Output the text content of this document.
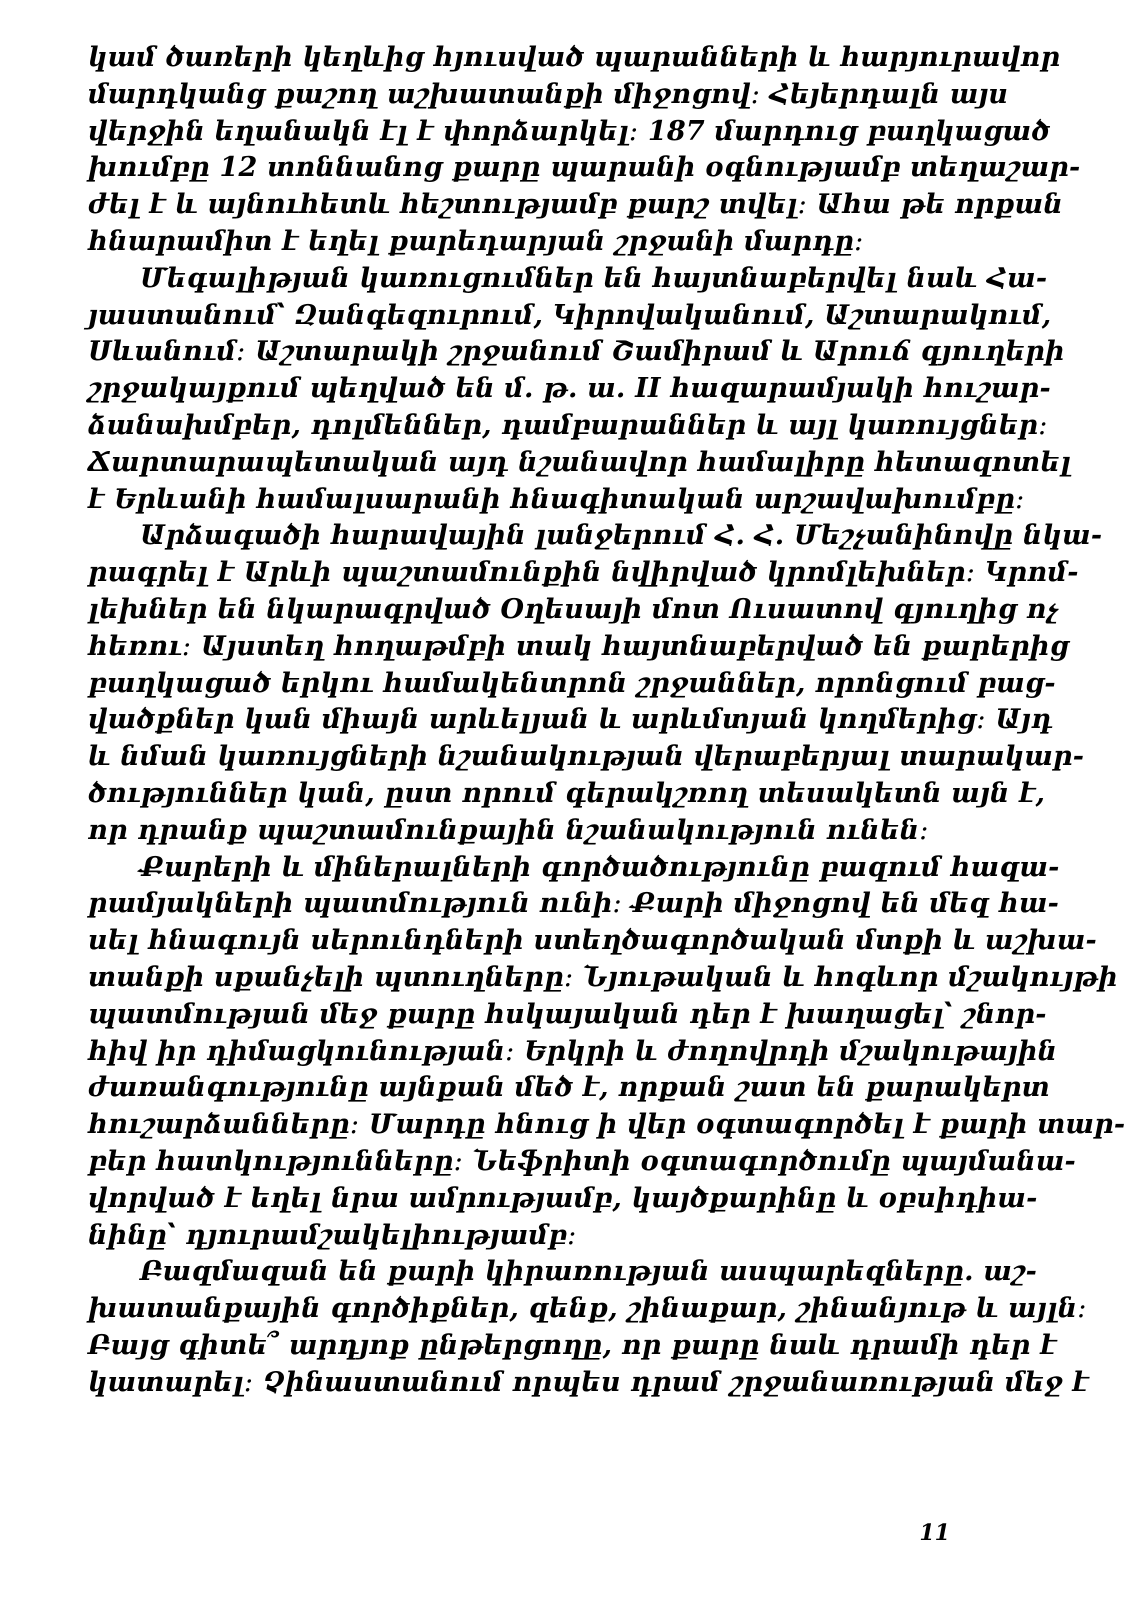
կամ ծառերի կեղևից հյուսված պարանների և հարյուրավոր
մարդկանց քաշող աշխատանքի միջոցով։ Հեյերդալն այս
վերջին եղանակն էլ է փորձարկել։ 187 մարդուց բաղկացած
խումբը 12 տոննանոց քարը պարանի օգնությամբ տեղաշար-
ժել է և այնուհետև հեշտությամբ քարշ տվել։ Ահա թե որքան
հնարամիտ է եղել քարեդարյան շրջանի մարդը։
Մեգալիթյան կառուցումներ են հայտնաբերվել նաև Հա-
յաստանում՝ Զանգեզուրում, Կիրովականում, Աշտարակում,
Սևանում։ Աշտարակի շրջանում Շամիրամ և Արուճ գյուղերի
շրջակայքում պեղված են մ. թ. ա. II հազարամյակի հուշար-
ձանախմբեր, դոլմեններ, դամբարաններ և այլ կառույցներ։
Ճարտարապետական այդ նշանավոր համալիրը հետազոտել
է Երևանի համալսարանի հնագիտական արշավախումբը։
Արձագածի հարավային լանջերում Հ. Հ. Մեշչանինովը նկա-
րագրել է Արևի պաշտամունքին նվիրված կրոմլեխներ։ Կրոմ-
լեխներ են նկարագրված Օղեսայի մոտ Ուսատով գյուղից ոչ
հեռու։ Այստեղ հողաթմբի տակ հայտնաբերված են քարերից
բաղկացած երկու համակենտրոն շրջաններ, որոնցում բաց-
վածքներ կան միայն արևելյան և արևմտյան կողմերից։ Այդ
և նման կառույցների նշանակության վերաբերյալ տարակար-
ծություններ կան, ըստ որում գերակշռող տեսակետն այն է,
որ դրանք պաշտամունքային նշանակություն ունեն։
Քարերի և միներալների գործածությունը բազում հազա-
րամյակների պատմություն ունի։ Քարի միջոցով են մեզ հա-
սել հնագույն սերունդների ստեղծագործական մտքի և աշխա-
տանքի սքանչելի պտուղները։ Նյութական և հոգևոր մշակույթի
պատմության մեջ քարը հսկայական դեր է խաղացել՝ շնոր-
հիվ իր դիմացկունության։ Երկրի և ժողովրդի մշակութային
ժառանգությունը այնքան մեծ է, որքան շատ են քարակերտ
հուշարձանները։ Մարդը հնուց ի վեր օգտագործել է քարի տար-
բեր հատկությունները։ Նեֆրիտի օգտագործումը պայմանա-
վորված է եղել նրա ամրությամբ, կայծքարինը և օբսիդիա-
նինը՝ դյուրամշակելիությամբ։
Բազմազան են քարի կիրառության ասպարեզները. աշ-
խատանքային գործիքներ, զենք, շինաքար, շինանյութ և այլն։
Բայց գիտե՞ արդյոք ընթերցողը, որ քարը նաև դրամի դեր է
կատարել։ Չինաստանում որպես դրամ շրջանառության մեջ է
11
